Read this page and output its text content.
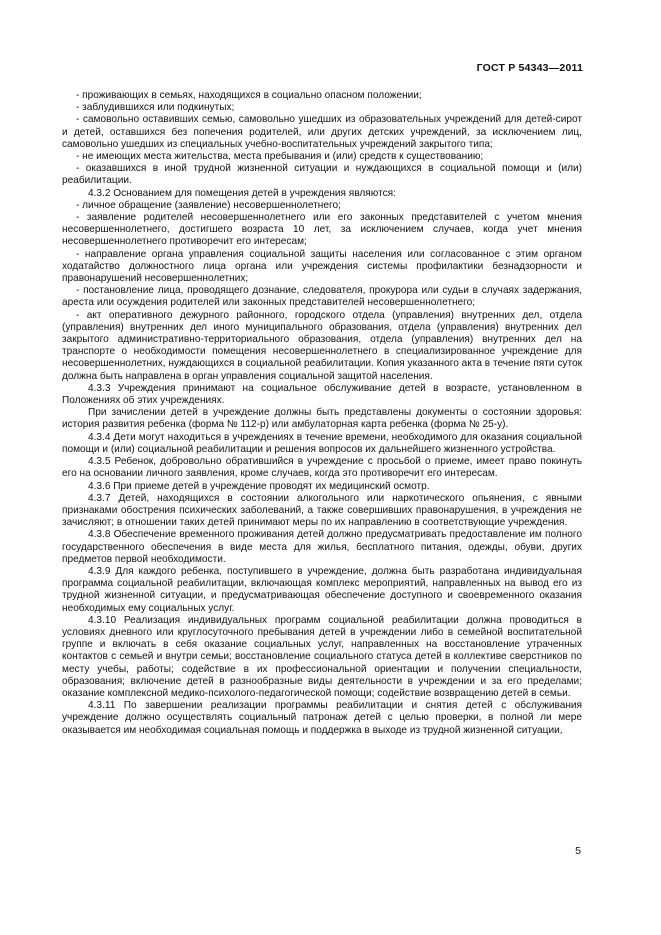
ГОСТ Р 54343—2011

- проживающих в семьях, находящихся в социально опасном положении;

- заблудившихся или подкинутых;

- самовольно оставивших семью, самовольно ушедших из образовательных учреждений для детей-сирот и детей, оставшихся без попечения родителей, или других детских учреждений, за исключением лиц, самовольно ушедших из специальных учебно-воспитательных учреждений закрытого типа;

- не имеющих места жительства, места пребывания и (или) средств к существованию;

- оказавшихся в иной трудной жизненной ситуации и нуждающихся в социальной помощи и (или) реабилитации.

4.3.2 Основанием для помещения детей в учреждения являются:

- личное обращение (заявление) несовершеннолетнего;

- заявление родителей несовершеннолетнего или его законных представителей с учетом мнения несовершеннолетнего, достигшего возраста 10 лет, за исключением случаев, когда учет мнения несовершеннолетнего противоречит его интересам;

- направление органа управления социальной защиты населения или согласованное с этим органом ходатайство должностного лица органа или учреждения системы профилактики безнадзорности и правонарушений несовершеннолетних;

- постановление лица, проводящего дознание, следователя, прокурора или судьи в случаях задержания, ареста или осуждения родителей или законных представителей несовершеннолетнего;

- акт оперативного дежурного районного, городского отдела (управления) внутренних дел, отдела (управления) внутренних дел иного муниципального образования, отдела (управления) внутренних дел закрытого административно-территориального образования, отдела (управления) внутренних дел на транспорте о необходимости помещения несовершеннолетнего в специализированное учреждение для несовершеннолетних, нуждающихся в социальной реабилитации. Копия указанного акта в течение пяти суток должна быть направлена в орган управления социальной защитой населения.

4.3.3 Учреждения принимают на социальное обслуживание детей в возрасте, установленном в Положениях об этих учреждениях.

При зачислении детей в учреждение должны быть представлены документы о состоянии здоровья: история развития ребенка (форма № 112-р) или амбулаторная карта ребенка (форма № 25-у).

4.3.4 Дети могут находиться в учреждениях в течение времени, необходимого для оказания социальной помощи и (или) социальной реабилитации и решения вопросов их дальнейшего жизненного устройства.

4.3.5 Ребенок, добровольно обратившийся в учреждение с просьбой о приеме, имеет право покинуть его на основании личного заявления, кроме случаев, когда это противоречит его интересам.

4.3.6 При приеме детей в учреждение проводят их медицинский осмотр.

4.3.7 Детей, находящихся в состоянии алкогольного или наркотического опьянения, с явными признаками обострения психических заболеваний, а также совершивших правонарушения, в учреждения не зачисляют; в отношении таких детей принимают меры по их направлению в соответствующие учреждения.

4.3.8 Обеспечение временного проживания детей должно предусматривать предоставление им полного государственного обеспечения в виде места для жилья, бесплатного питания, одежды, обуви, других предметов первой необходимости.

4.3.9 Для каждого ребенка, поступившего в учреждение, должна быть разработана индивидуальная программа социальной реабилитации, включающая комплекс мероприятий, направленных на вывод его из трудной жизненной ситуации, и предусматривающая обеспечение доступного и своевременного оказания необходимых ему социальных услуг.

4.3.10 Реализация индивидуальных программ социальной реабилитации должна проводиться в условиях дневного или круглосуточного пребывания детей в учреждении либо в семейной воспитательной группе и включать в себя оказание социальных услуг, направленных на восстановление утраченных контактов с семьей и внутри семьи; восстановление социального статуса детей в коллективе сверстников по месту учебы, работы; содействие в их профессиональной ориентации и получении специальности, образования; включение детей в разнообразные виды деятельности в учреждении и за его пределами; оказание комплексной медико-психолого-педагогической помощи; содействие возвращению детей в семьи.

4.3.11 По завершении реализации программы реабилитации и снятия детей с обслуживания учреждение должно осуществлять социальный патронаж детей с целью проверки, в полной ли мере оказывается им необходимая социальная помощь и поддержка в выходе из трудной жизненной ситуации,

5
